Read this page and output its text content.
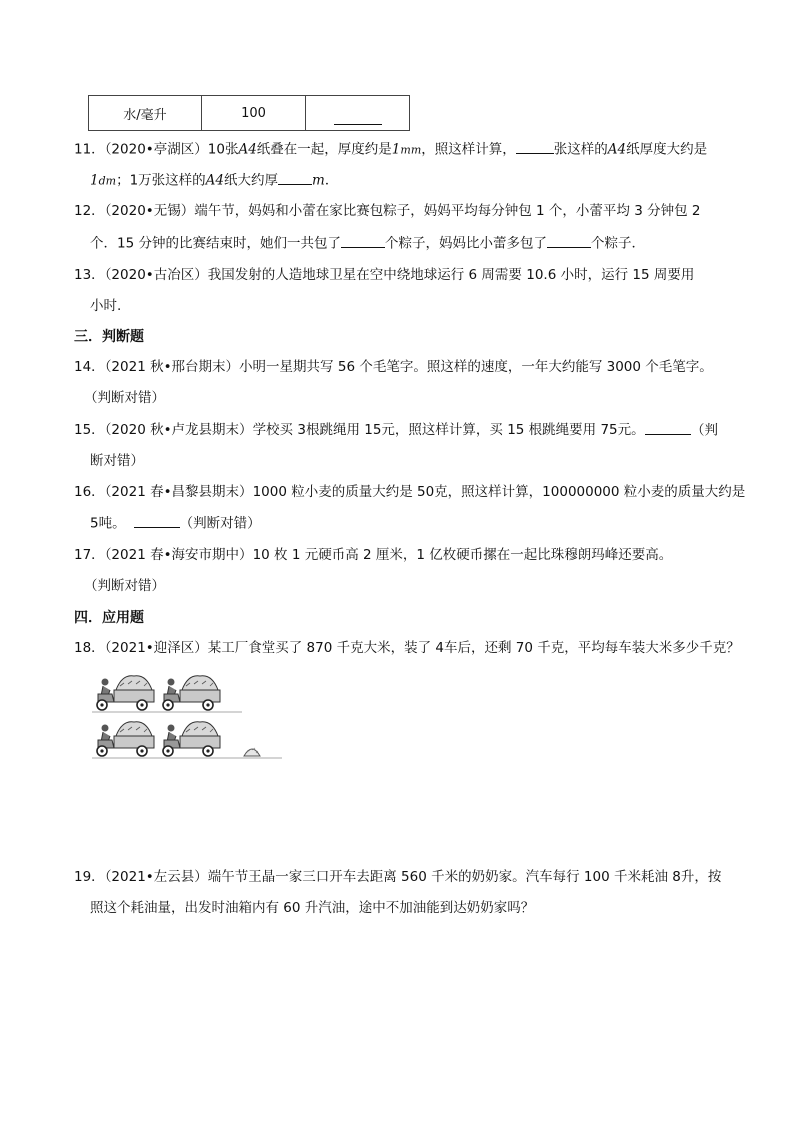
水/毫升	100	
11．（2020•亭湖区）10张A4纸叠在一起，厚度约是1mm，照这样计算，	张这样的A4纸厚度大约是
1dm；1万张这样的A4纸大约厚	m．
12．（2020•无锡）端午节，妈妈和小蕾在家比赛包粽子，妈妈平均每分钟包 1 个，小蕾平均 3 分钟包 2
个．15 分钟的比赛结束时，她们一共包了	个粽子，妈妈比小蕾多包了	个粽子．
13．（2020•古冶区）我国发射的人造地球卫星在空中绕地球运行 6 周需要 10.6 小时，运行 15 周要用
小时.
三．判断题
14．（2021 秋•邢台期末）小明一星期共写 56 个毛笔字。照这样的速度，一年大约能写 3000 个毛笔字。
（判断对错）
15．（2020 秋•卢龙县期末）学校买 3根跳绳用 15元，照这样计算，买 15 根跳绳要用 75元。	（判
断对错）
16．（2021 春•昌黎县期末）1000 粒小麦的质量大约是 50克，照这样计算，100000000 粒小麦的质量大约是
5吨。	（判断对错）
17．（2021 春•海安市期中）10 枚 1 元硬币高 2 厘米，1 亿枚硬币摞在一起比珠穆朗玛峰还要高。
（判断对错）
四．应用题
18．（2021•迎泽区）某工厂食堂买了 870 千克大米，装了 4车后，还剩 70 千克，平均每车装大米多少千克？
19．（2021•左云县）端午节王晶一家三口开车去距离 560 千米的奶奶家。汽车每行 100 千米耗油 8升，按
照这个耗油量，出发时油箱内有 60 升汽油，途中不加油能到达奶奶家吗？
